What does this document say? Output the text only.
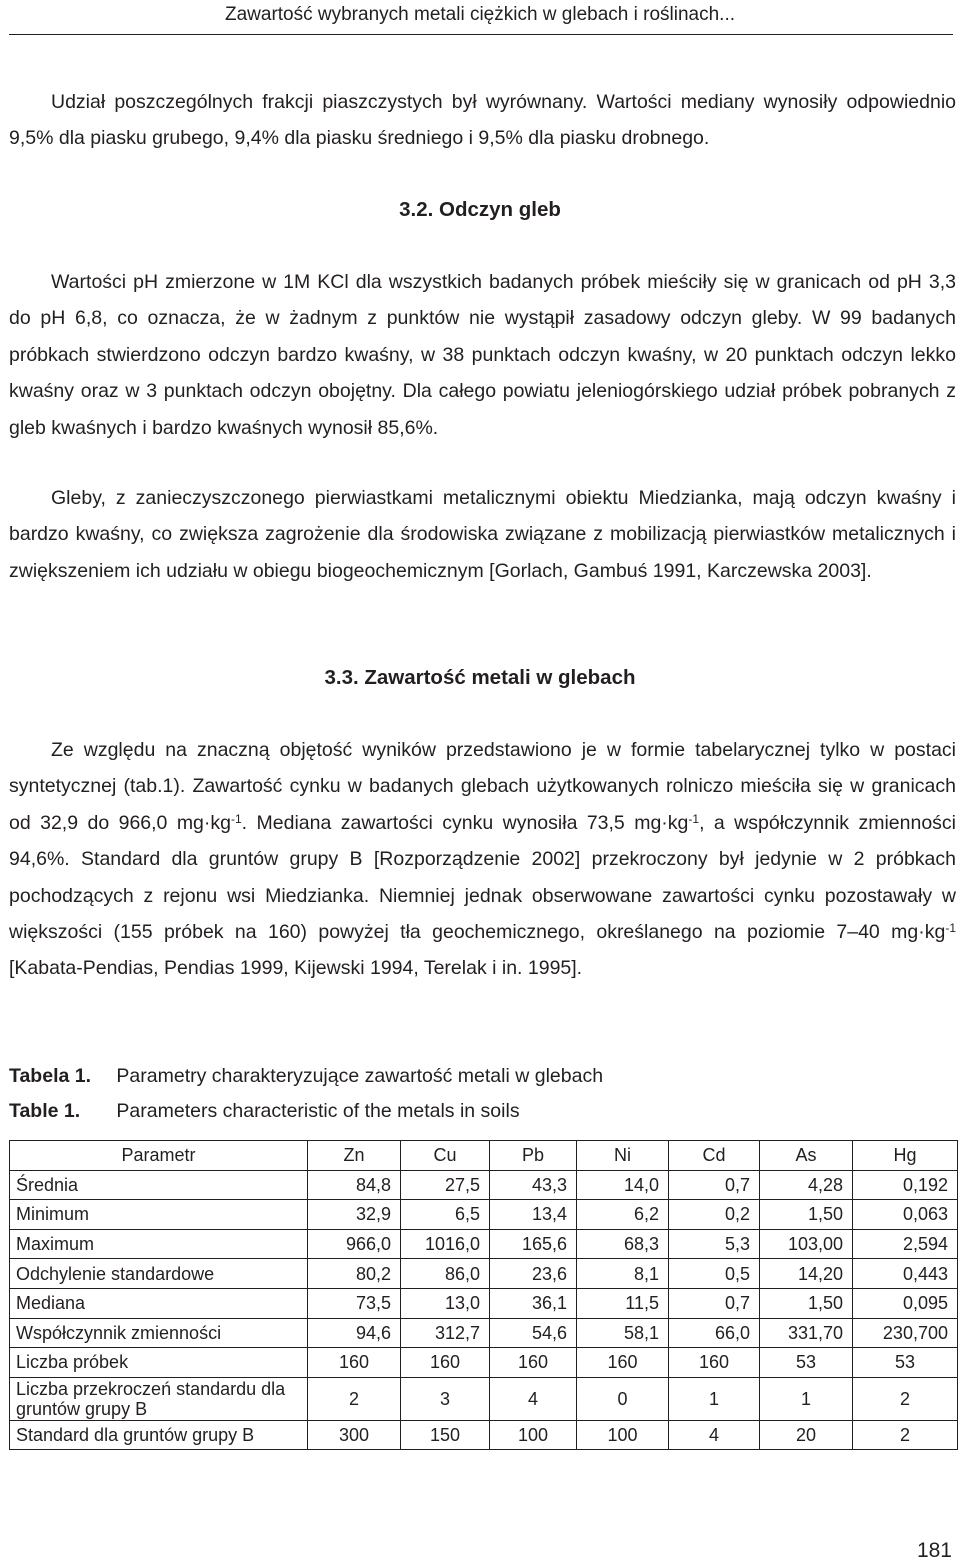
Zawartość wybranych metali ciężkich w glebach i roślinach...

Udział poszczególnych frakcji piaszczystych był wyrównany. Wartości mediany wynosiły odpowiednio 9,5% dla piasku grubego, 9,4% dla piasku średniego i 9,5% dla piasku drobnego.

3.2. Odczyn gleb

Wartości pH zmierzone w 1M KCl dla wszystkich badanych próbek mieściły się w granicach od pH 3,3 do pH 6,8, co oznacza, że w żadnym z punktów nie wystąpił zasadowy odczyn gleby. W 99 badanych próbkach stwierdzono odczyn bardzo kwaśny, w 38 punktach odczyn kwaśny, w 20 punktach odczyn lekko kwaśny oraz w 3 punktach odczyn obojętny. Dla całego powiatu jeleniogórskiego udział próbek pobranych z gleb kwaśnych i bardzo kwaśnych wynosił 85,6%.

Gleby, z zanieczyszczonego pierwiastkami metalicznymi obiektu Miedzianka, mają odczyn kwaśny i bardzo kwaśny, co zwiększa zagrożenie dla środowiska związane z mobilizacją pierwiastków metalicznych i zwiększeniem ich udziału w obiegu biogeochemicznym [Gorlach, Gambuś 1991, Karczewska 2003].

3.3. Zawartość metali w glebach

Ze względu na znaczną objętość wyników przedstawiono je w formie tabelarycznej tylko w postaci syntetycznej (tab.1). Zawartość cynku w badanych glebach użytkowanych rolniczo mieściła się w granicach od 32,9 do 966,0 $mg\cdot kg^{-1}$. Mediana zawartości cynku wynosiła 73,5 $mg\cdot kg^{-1}$, a współczynnik zmienności 94,6%. Standard dla gruntów grupy B [Rozporządzenie 2002] przekroczony był jedynie w 2 próbkach pochodzących z rejonu wsi Miedzianka. Niemniej jednak obserwowane zawartości cynku pozostawały w większości (155 próbek na 160) powyżej tła geochemicznego, określanego na poziomie 7–40 $mg\cdot kg^{-1}$ [Kabata-Pendias, Pendias 1999, Kijewski 1994, Terelak i in. 1995].

Tabela 1. Parametry charakteryzujące zawartość metali w glebach
Table 1. Parameters characteristic of the metals in soils
Parametr	Zn	Cu	Pb	Ni	Cd	As	Hg
Średnia	84,8	27,5	43,3	14,0	0,7	4,28	0,192
Minimum	32,9	6,5	13,4	6,2	0,2	1,50	0,063
Maximum	966,0	1016,0	165,6	68,3	5,3	103,00	2,594
Odchylenie standardowe	80,2	86,0	23,6	8,1	0,5	14,20	0,443
Mediana	73,5	13,0	36,1	11,5	0,7	1,50	0,095
Współczynnik zmienności	94,6	312,7	54,6	58,1	66,0	331,70	230,700
Liczba próbek	160	160	160	160	160	53	53
Liczba przekroczeń standardu dla gruntów grupy B	2	3	4	0	1	1	2
Standard dla gruntów grupy B	300	150	100	100	4	20	2
181
